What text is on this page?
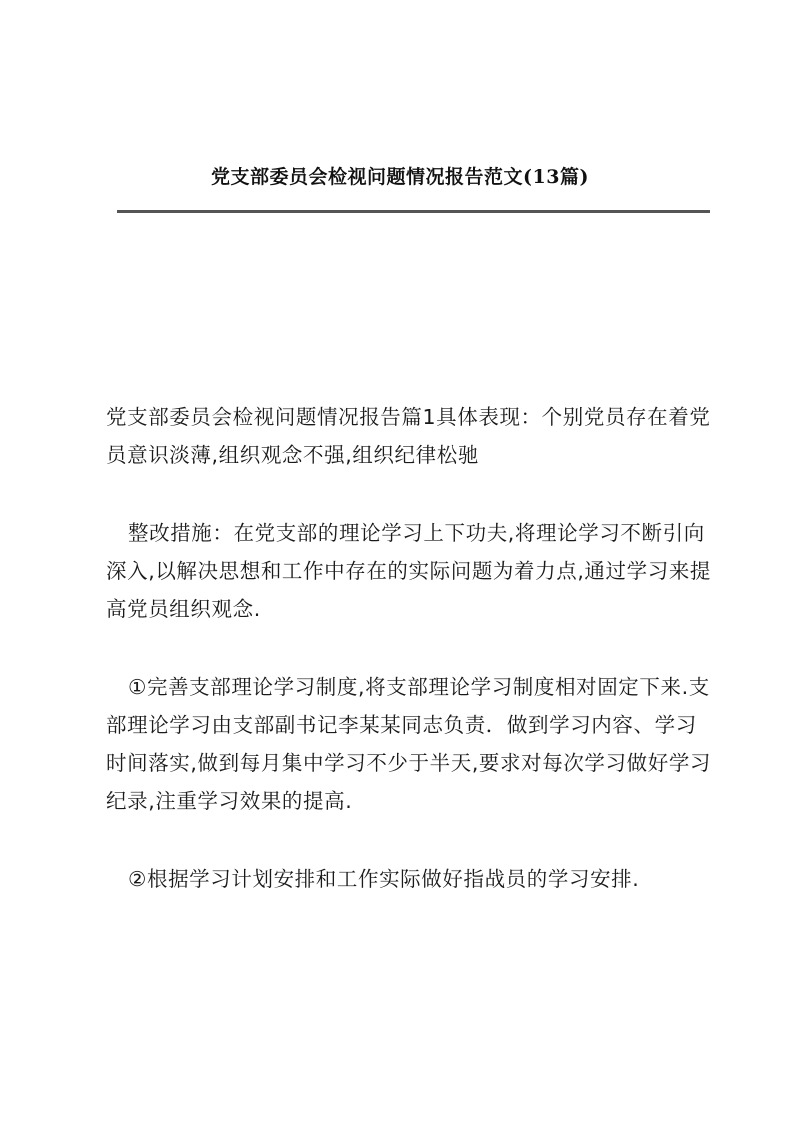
党支部委员会检视问题情况报告范文(13篇)

党支部委员会检视问题情况报告篇1具体表现：个别党员存在着党员意识淡薄,组织观念不强,组织纪律松驰

整改措施：在党支部的理论学习上下功夫,将理论学习不断引向深入,以解决思想和工作中存在的实际问题为着力点,通过学习来提高党员组织观念.

①完善支部理论学习制度,将支部理论学习制度相对固定下来.支部理论学习由支部副书记李某某同志负责．做到学习内容、学习时间落实,做到每月集中学习不少于半天,要求对每次学习做好学习纪录,注重学习效果的提高.

②根据学习计划安排和工作实际做好指战员的学习安排.
